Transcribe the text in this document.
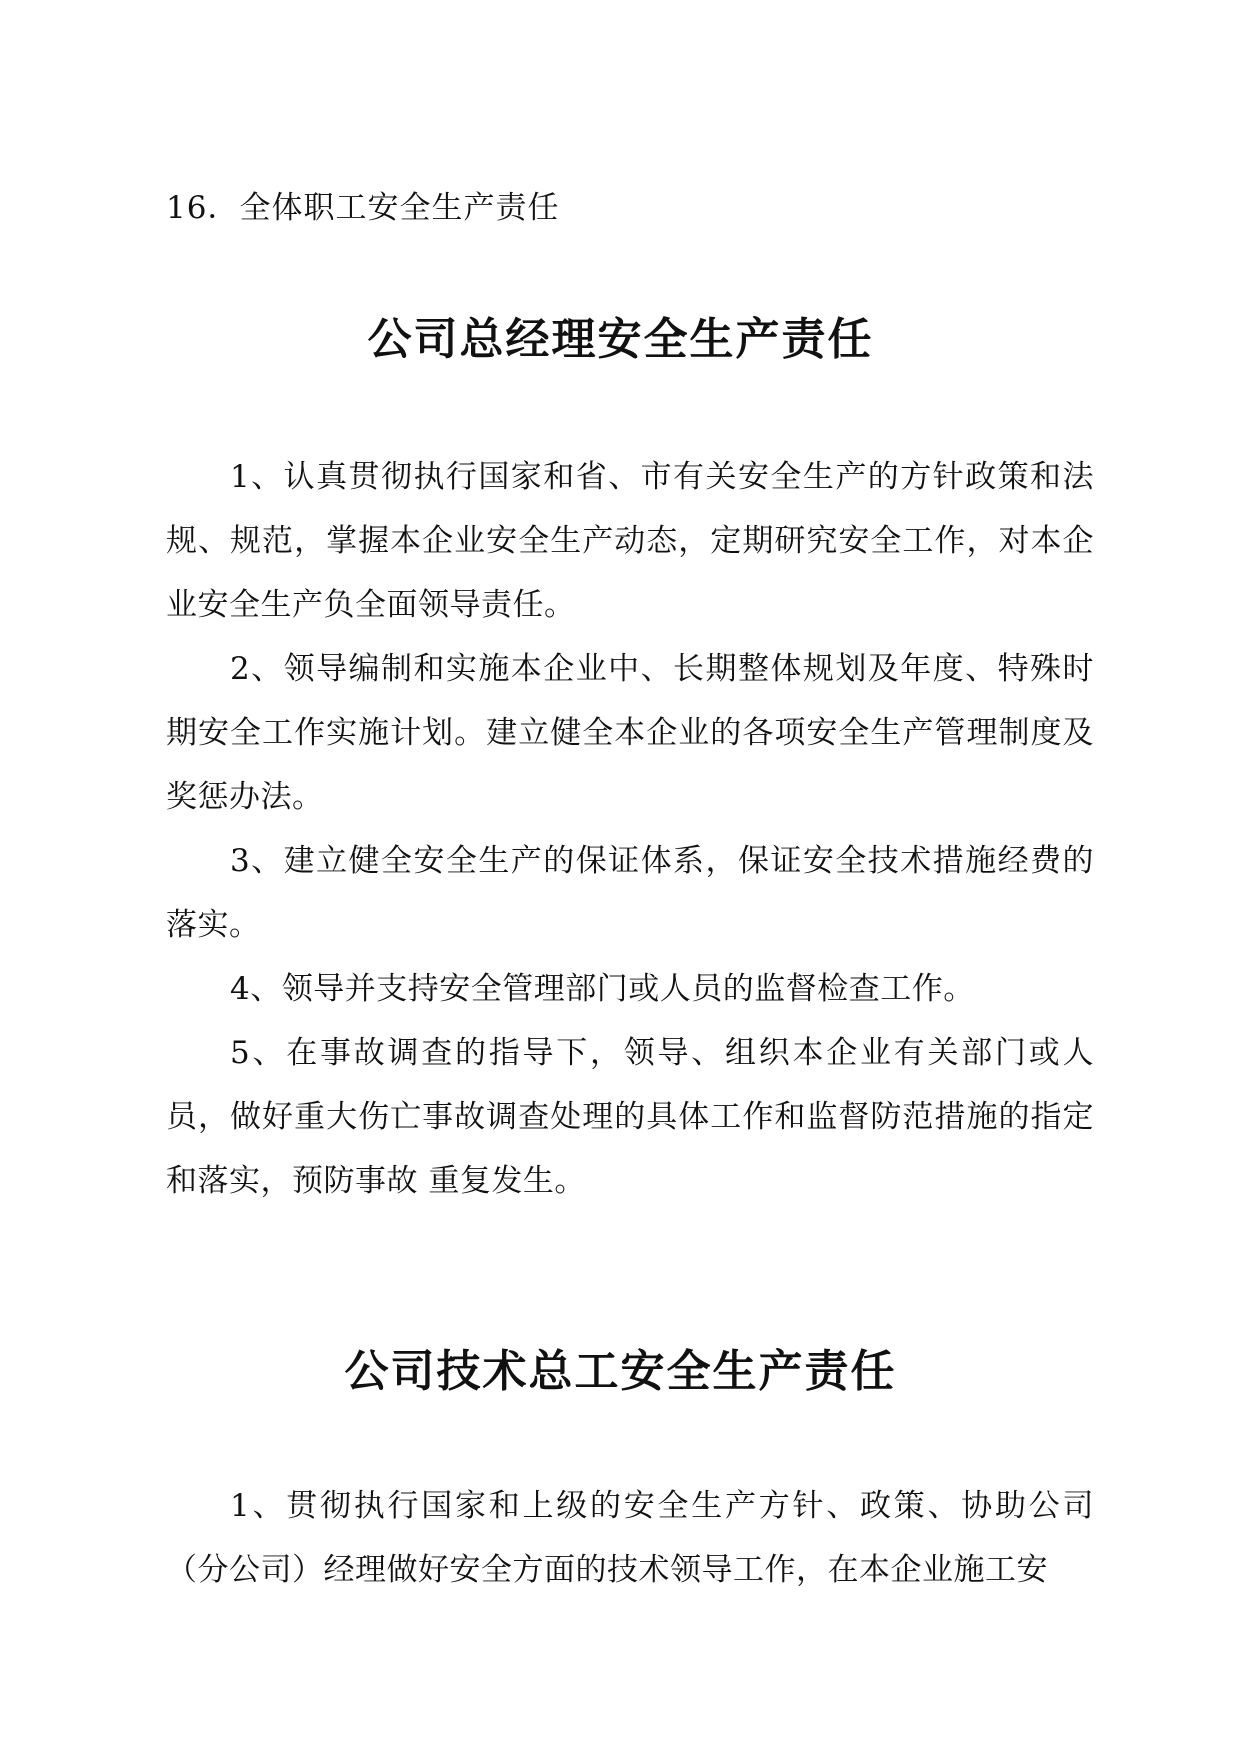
16．全体职工安全生产责任
公司总经理安全生产责任

1、认真贯彻执行国家和省、市有关安全生产的方针政策和法规、规范，掌握本企业安全生产动态，定期研究安全工作，对本企业安全生产负全面领导责任。

2、领导编制和实施本企业中、长期整体规划及年度、特殊时期安全工作实施计划。建立健全本企业的各项安全生产管理制度及奖惩办法。

3、建立健全安全生产的保证体系，保证安全技术措施经费的落实。

4、领导并支持安全管理部门或人员的监督检查工作。

5、在事故调查的指导下，领导、组织本企业有关部门或人员，做好重大伤亡事故调查处理的具体工作和监督防范措施的指定和落实，预防事故 重复发生。

公司技术总工安全生产责任

1、贯彻执行国家和上级的安全生产方针、政策、协助公司（分公司）经理做好安全方面的技术领导工作，在本企业施工安
